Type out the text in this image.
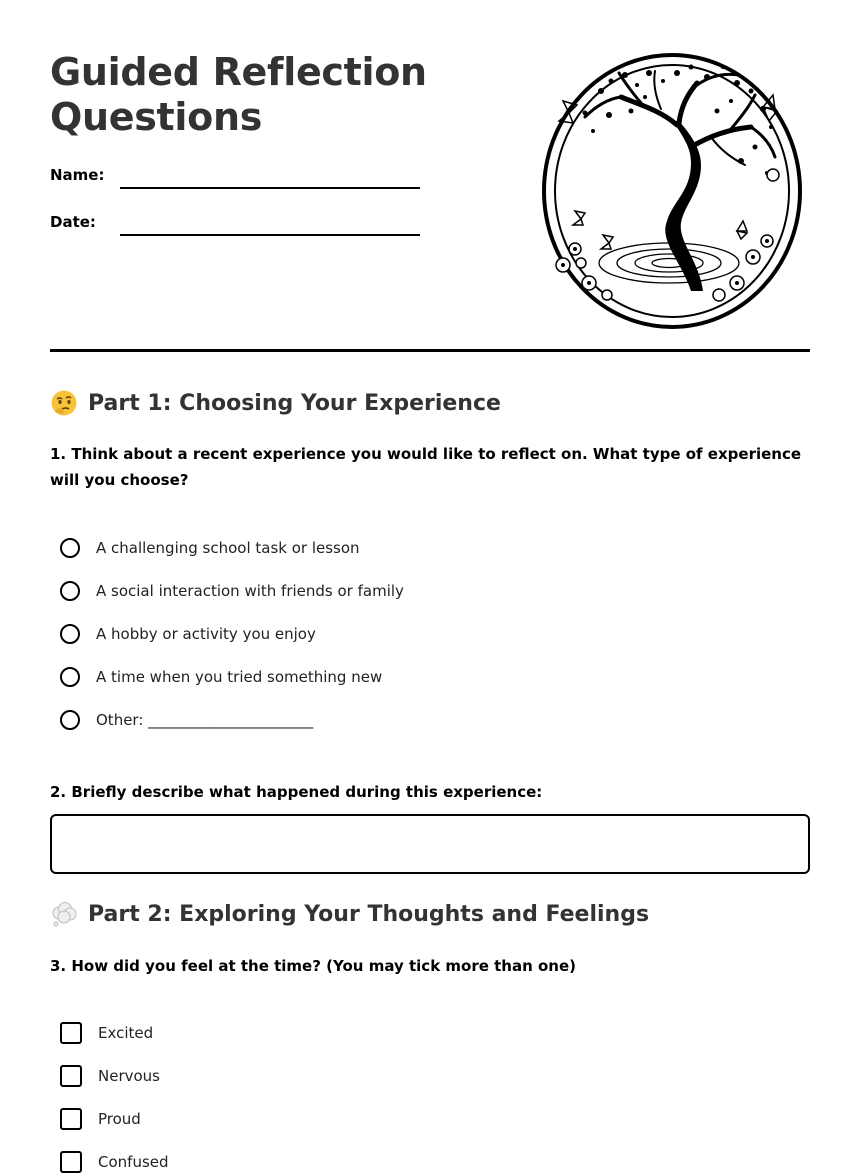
Guided Reflection Questions
Name:
Date:
Part 1: Choosing Your Experience

1. Think about a recent experience you would like to reflect on. What type of experience will you choose?

A challenging school task or lesson
A social interaction with friends or family
A hobby or activity you enjoy
A time when you tried something new
Other: ______________________

2. Briefly describe what happened during this experience:

Part 2: Exploring Your Thoughts and Feelings

3. How did you feel at the time? (You may tick more than one)

Excited
Nervous
Proud
Confused
